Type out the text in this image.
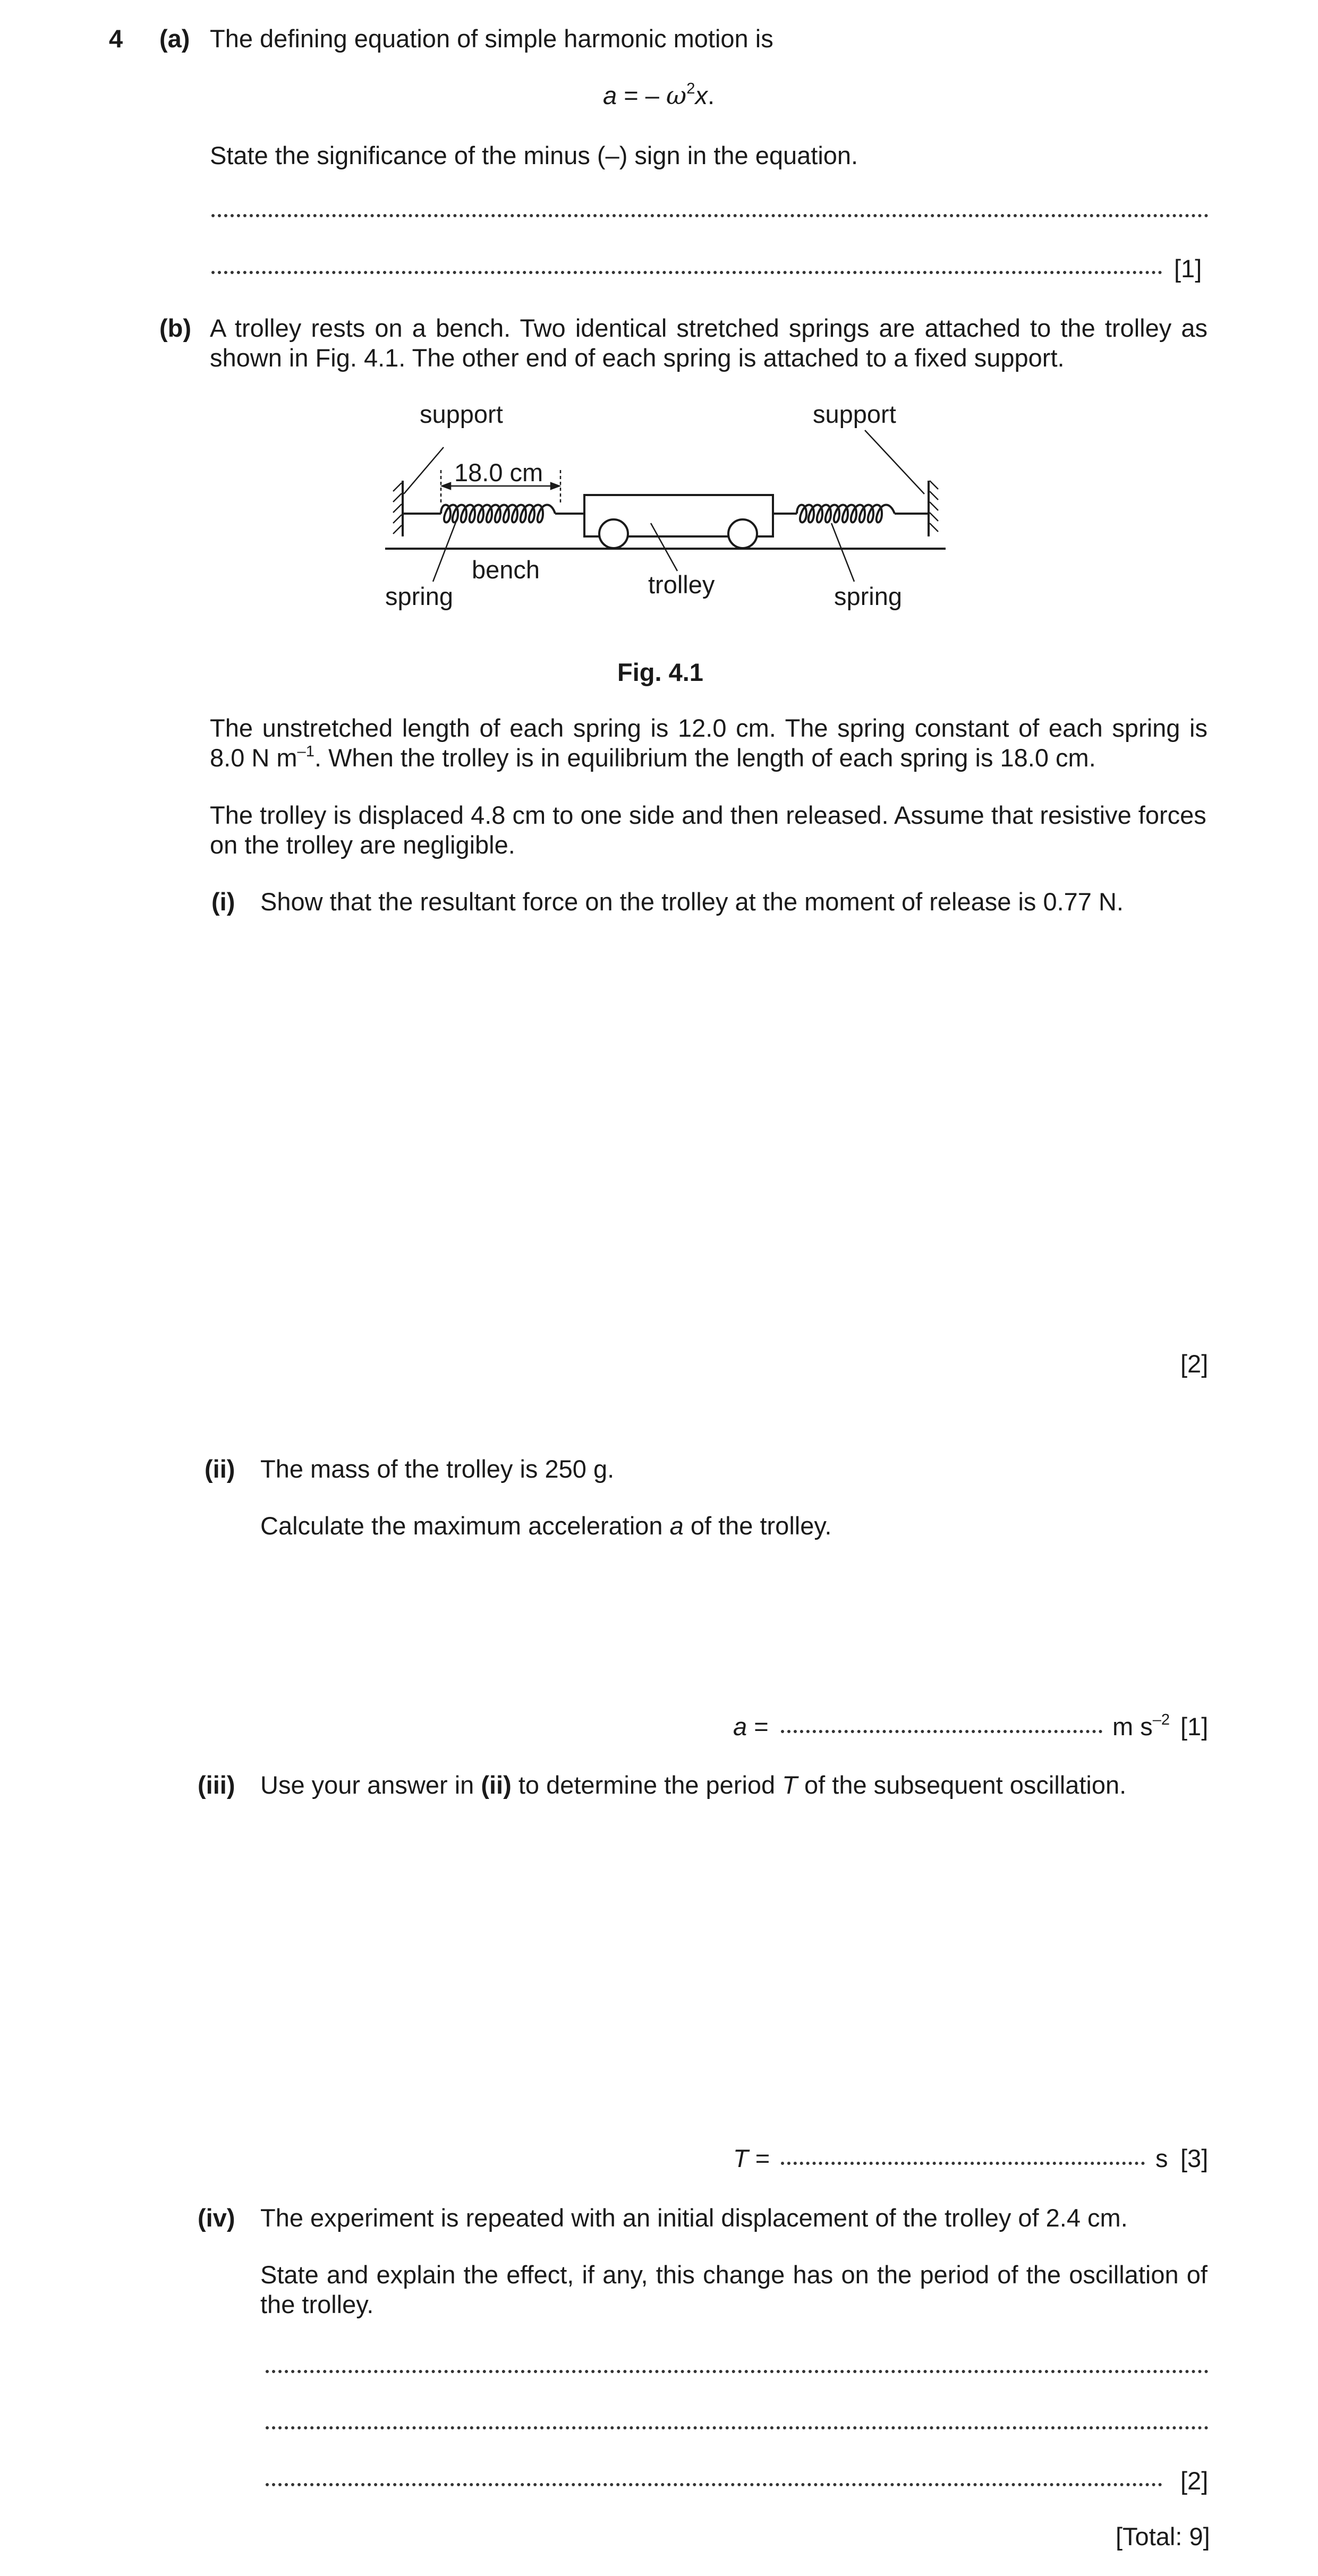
4 (a) The defining equation of simple harmonic motion is
a = – $\omega^2x$.
State the significance of the minus (–) sign in the equation.
[1]
(b) A trolley rests on a bench. Two identical stretched springs are attached to the trolley as shown in Fig. 4.1. The other end of each spring is attached to a fixed support.
support	support
18.0 cm
bench
trolley
spring	spring
Fig. 4.1
The unstretched length of each spring is 12.0 cm. The spring constant of each spring is 8.0 N $m^{-1}$. When the trolley is in equilibrium the length of each spring is 18.0 cm.
The trolley is displaced 4.8 cm to one side and then released. Assume that resistive forces on the trolley are negligible.
(i) Show that the resultant force on the trolley at the moment of release is 0.77 N.
[2]
(ii) The mass of the trolley is 250 g.
Calculate the maximum acceleration a of the trolley.
a =	m $s^{-2}$ [1]
(iii) Use your answer in (ii) to determine the period T of the subsequent oscillation.
T =	s [3]
(iv) The experiment is repeated with an initial displacement of the trolley of 2.4 cm.
State and explain the effect, if any, this change has on the period of the oscillation of the trolley.
[2]
[Total: 9]
